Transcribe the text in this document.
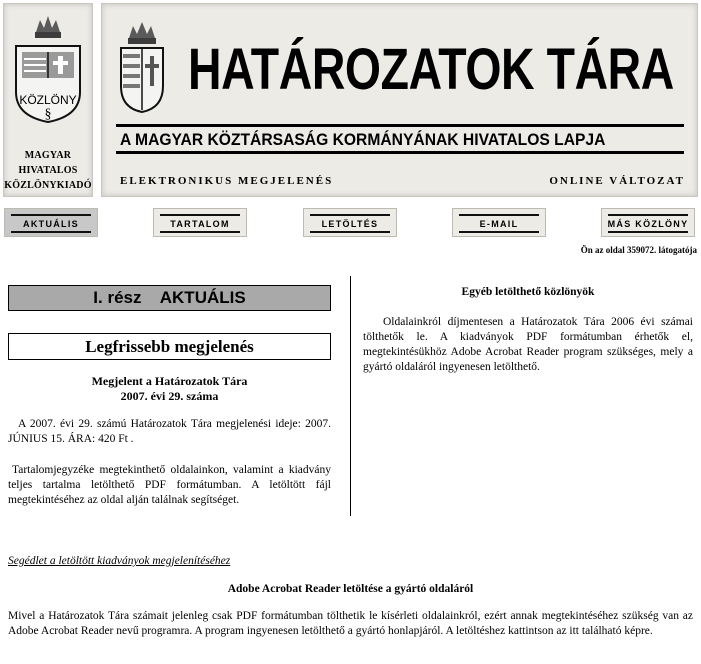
KÖZLÖNY
§
MAGYAR
HIVATALOS
KÖZLÖNYKIADÓ
HATÁROZATOK TÁRA
A MAGYAR KÖZTÁRSASÁG KORMÁNYÁNAK HIVATALOS LAPJA
ELEKTRONIKUS MEGJELENÉS	ONLINE VÁLTOZAT
AKTUÁLIS	TARTALOM	LETÖLTÉS	E-MAIL	MÁS KÖZLÖNY
Ön az oldal 359072. látogatója
I. rész    AKTUÁLIS
Legfrissebb megjelenés
Megjelent a Határozatok Tára
2007. évi 29. száma
A 2007. évi 29. számú Határozatok Tára megjelenési ideje: 2007. JÚNIUS 15. ÁRA: 420 Ft .
Tartalomjegyzéke megtekinthető oldalainkon, valamint a kiadvány teljes tartalma letölthető PDF formátumban. A letöltött fájl megtekintéséhez az oldal alján találnak segítséget.
Egyéb letölthető közlönyök
Oldalainkról díjmentesen a Határozatok Tára 2006 évi számai tölthetők le. A kiadványok PDF formátumban érhetők el, megtekintésükhöz Adobe Acrobat Reader program szükséges, mely a gyártó oldaláról ingyenesen letölthető.
Segédlet a letöltött kiadványok megjelenítéséhez
Adobe Acrobat Reader letöltése a gyártó oldaláról
Mivel a Határozatok Tára számait jelenleg csak PDF formátumban tölthetik le kísérleti oldalainkról, ezért annak megtekintéséhez szükség van az Adobe Acrobat Reader nevű programra. A program ingyenesen letölthető a gyártó honlapjáról. A letöltéshez kattintson az itt található képre.
